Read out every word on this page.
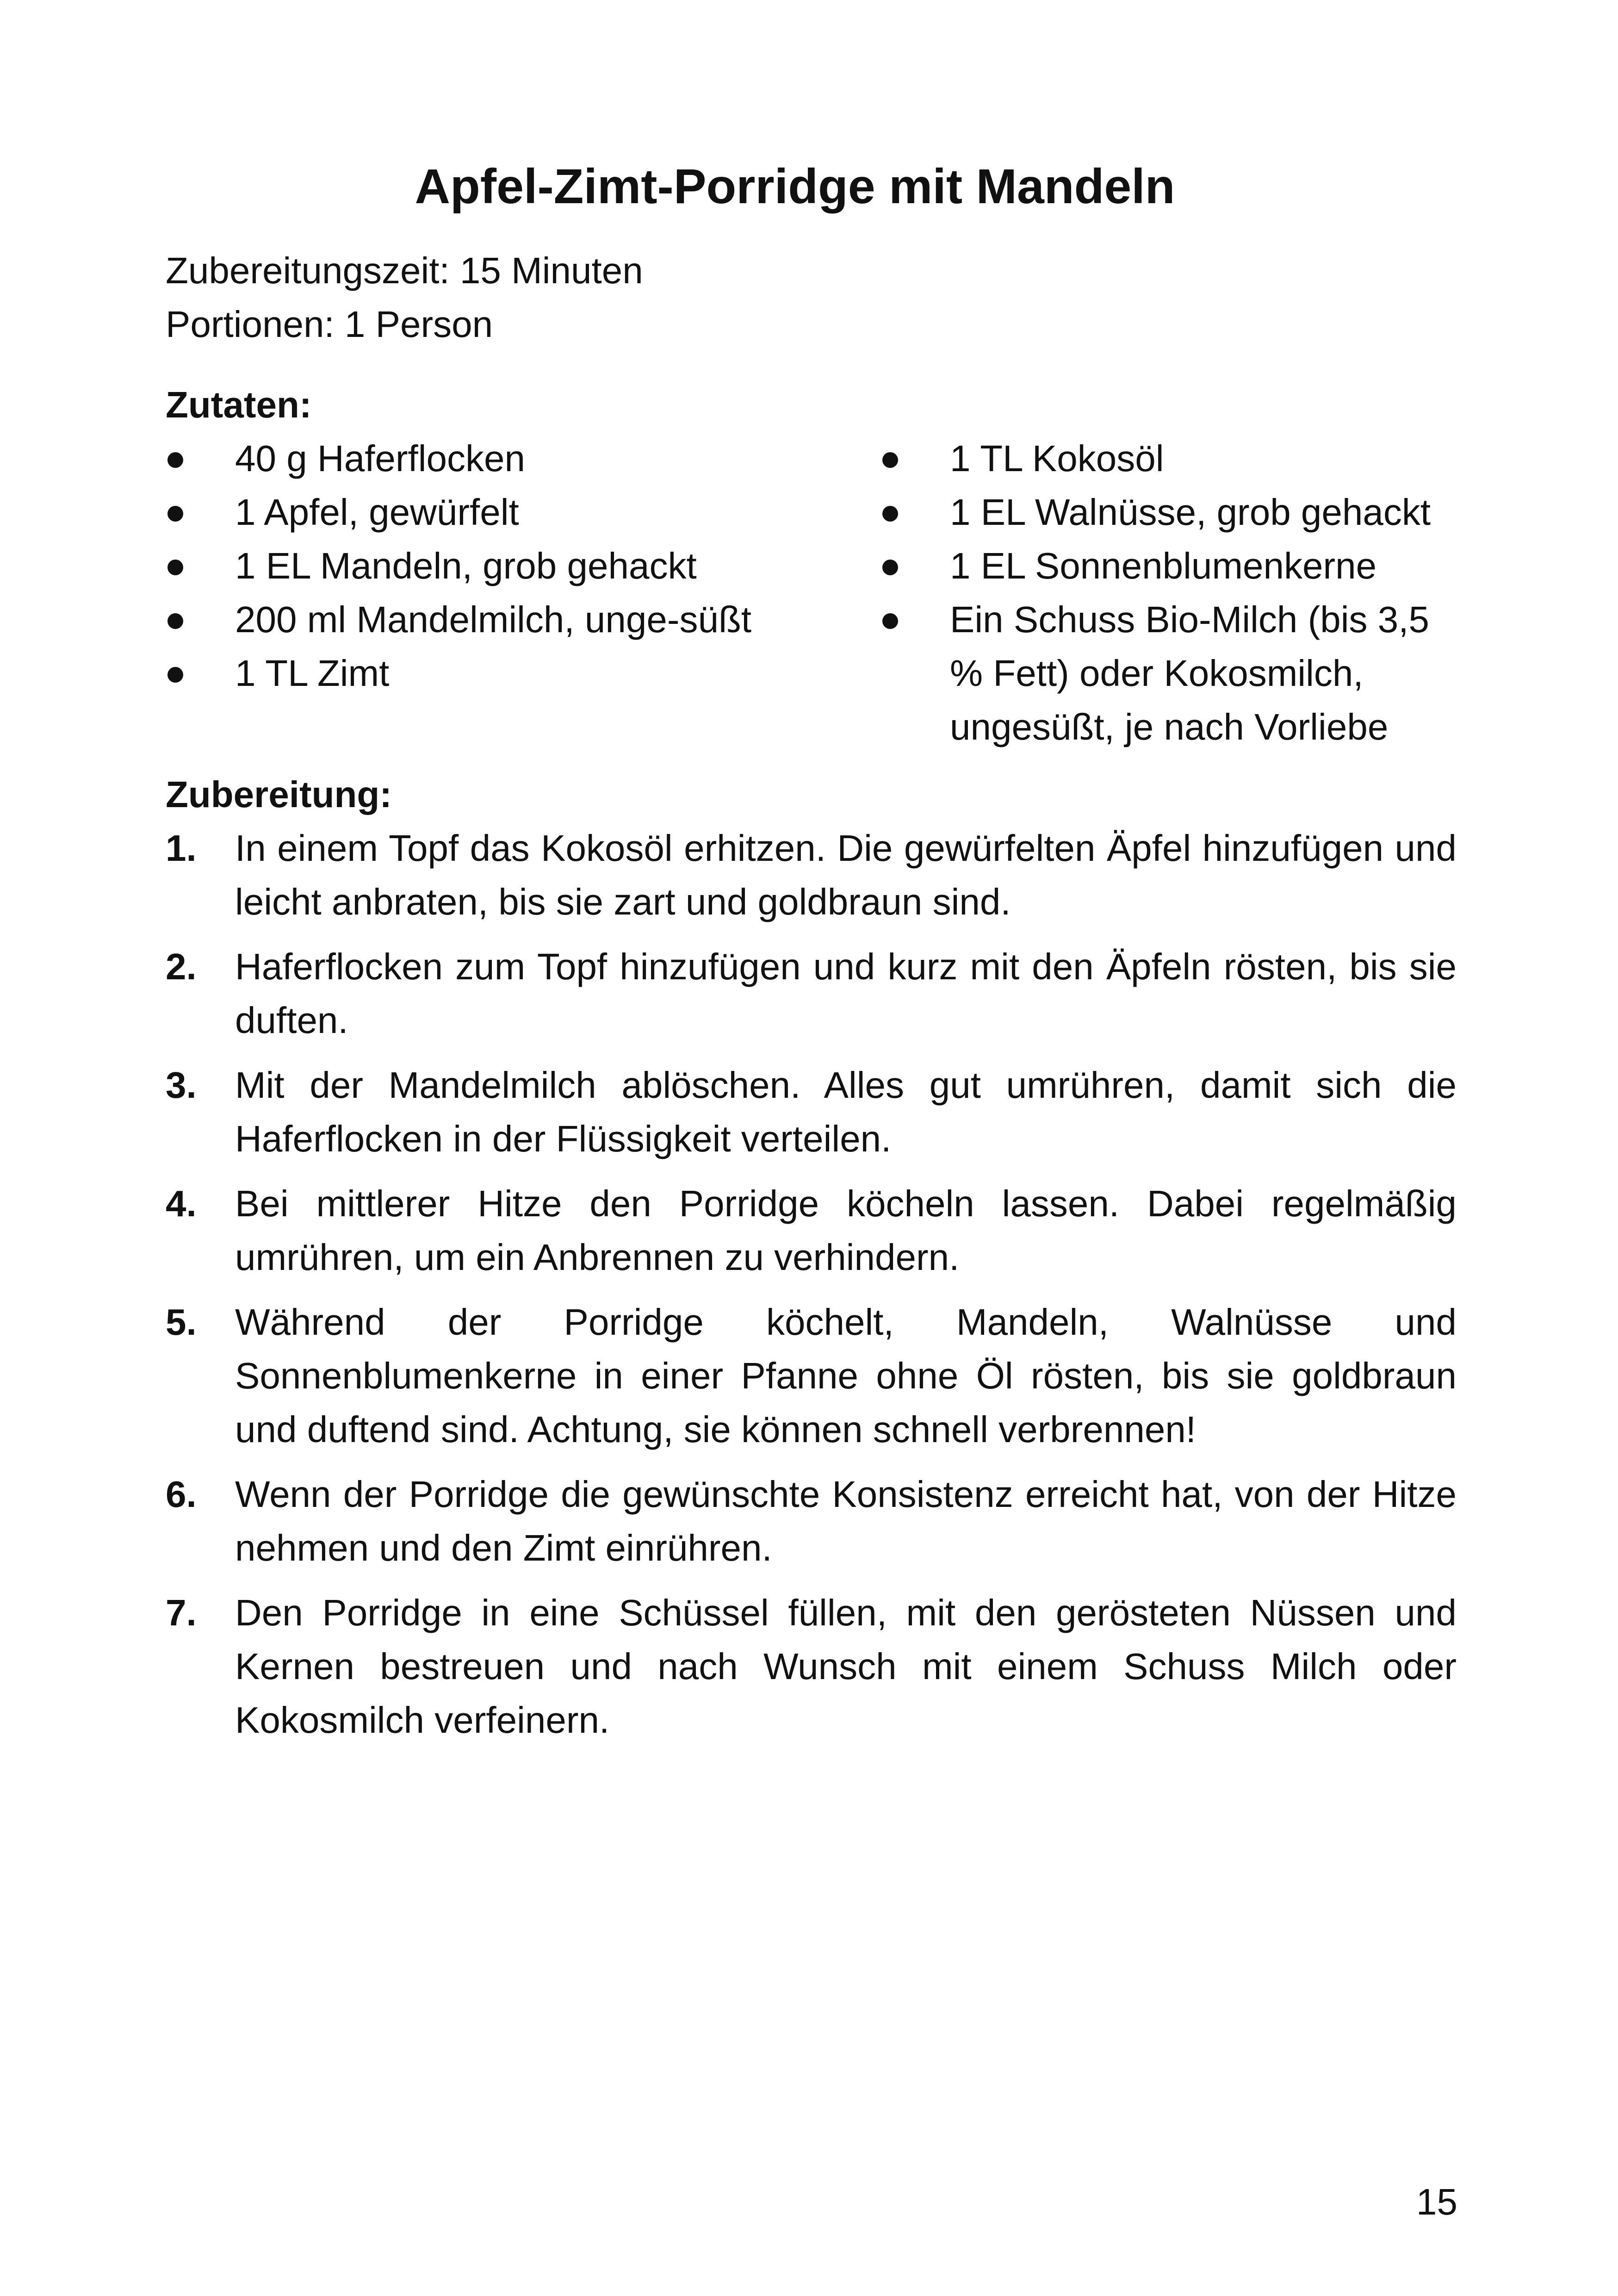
Apfel-Zimt-Porridge mit Mandeln
Zubereitungszeit: 15 Minuten
Portionen: 1 Person
Zutaten:
40 g Haferflocken
1 Apfel, gewürfelt
1 EL Mandeln, grob gehackt
200 ml Mandelmilch, unge-süßt
1 TL Zimt
1 TL Kokosöl
1 EL Walnüsse, grob gehackt
1 EL Sonnenblumenkerne
Ein Schuss Bio-Milch (bis 3,5 % Fett) oder Kokosmilch, ungesüßt, je nach Vorliebe
Zubereitung:
1. In einem Topf das Kokosöl erhitzen. Die gewürfelten Äpfel hinzufügen und leicht anbraten, bis sie zart und goldbraun sind.
2. Haferflocken zum Topf hinzufügen und kurz mit den Äpfeln rösten, bis sie duften.
3. Mit der Mandelmilch ablöschen. Alles gut umrühren, damit sich die Haferflocken in der Flüssigkeit verteilen.
4. Bei mittlerer Hitze den Porridge köcheln lassen. Dabei regelmäßig umrühren, um ein Anbrennen zu verhindern.
5. Während der Porridge köchelt, Mandeln, Walnüsse und Sonnenblumenkerne in einer Pfanne ohne Öl rösten, bis sie goldbraun und duftend sind. Achtung, sie können schnell verbrennen!
6. Wenn der Porridge die gewünschte Konsistenz erreicht hat, von der Hitze nehmen und den Zimt einrühren.
7. Den Porridge in eine Schüssel füllen, mit den gerösteten Nüssen und Kernen bestreuen und nach Wunsch mit einem Schuss Milch oder Kokosmilch verfeinern.
15
